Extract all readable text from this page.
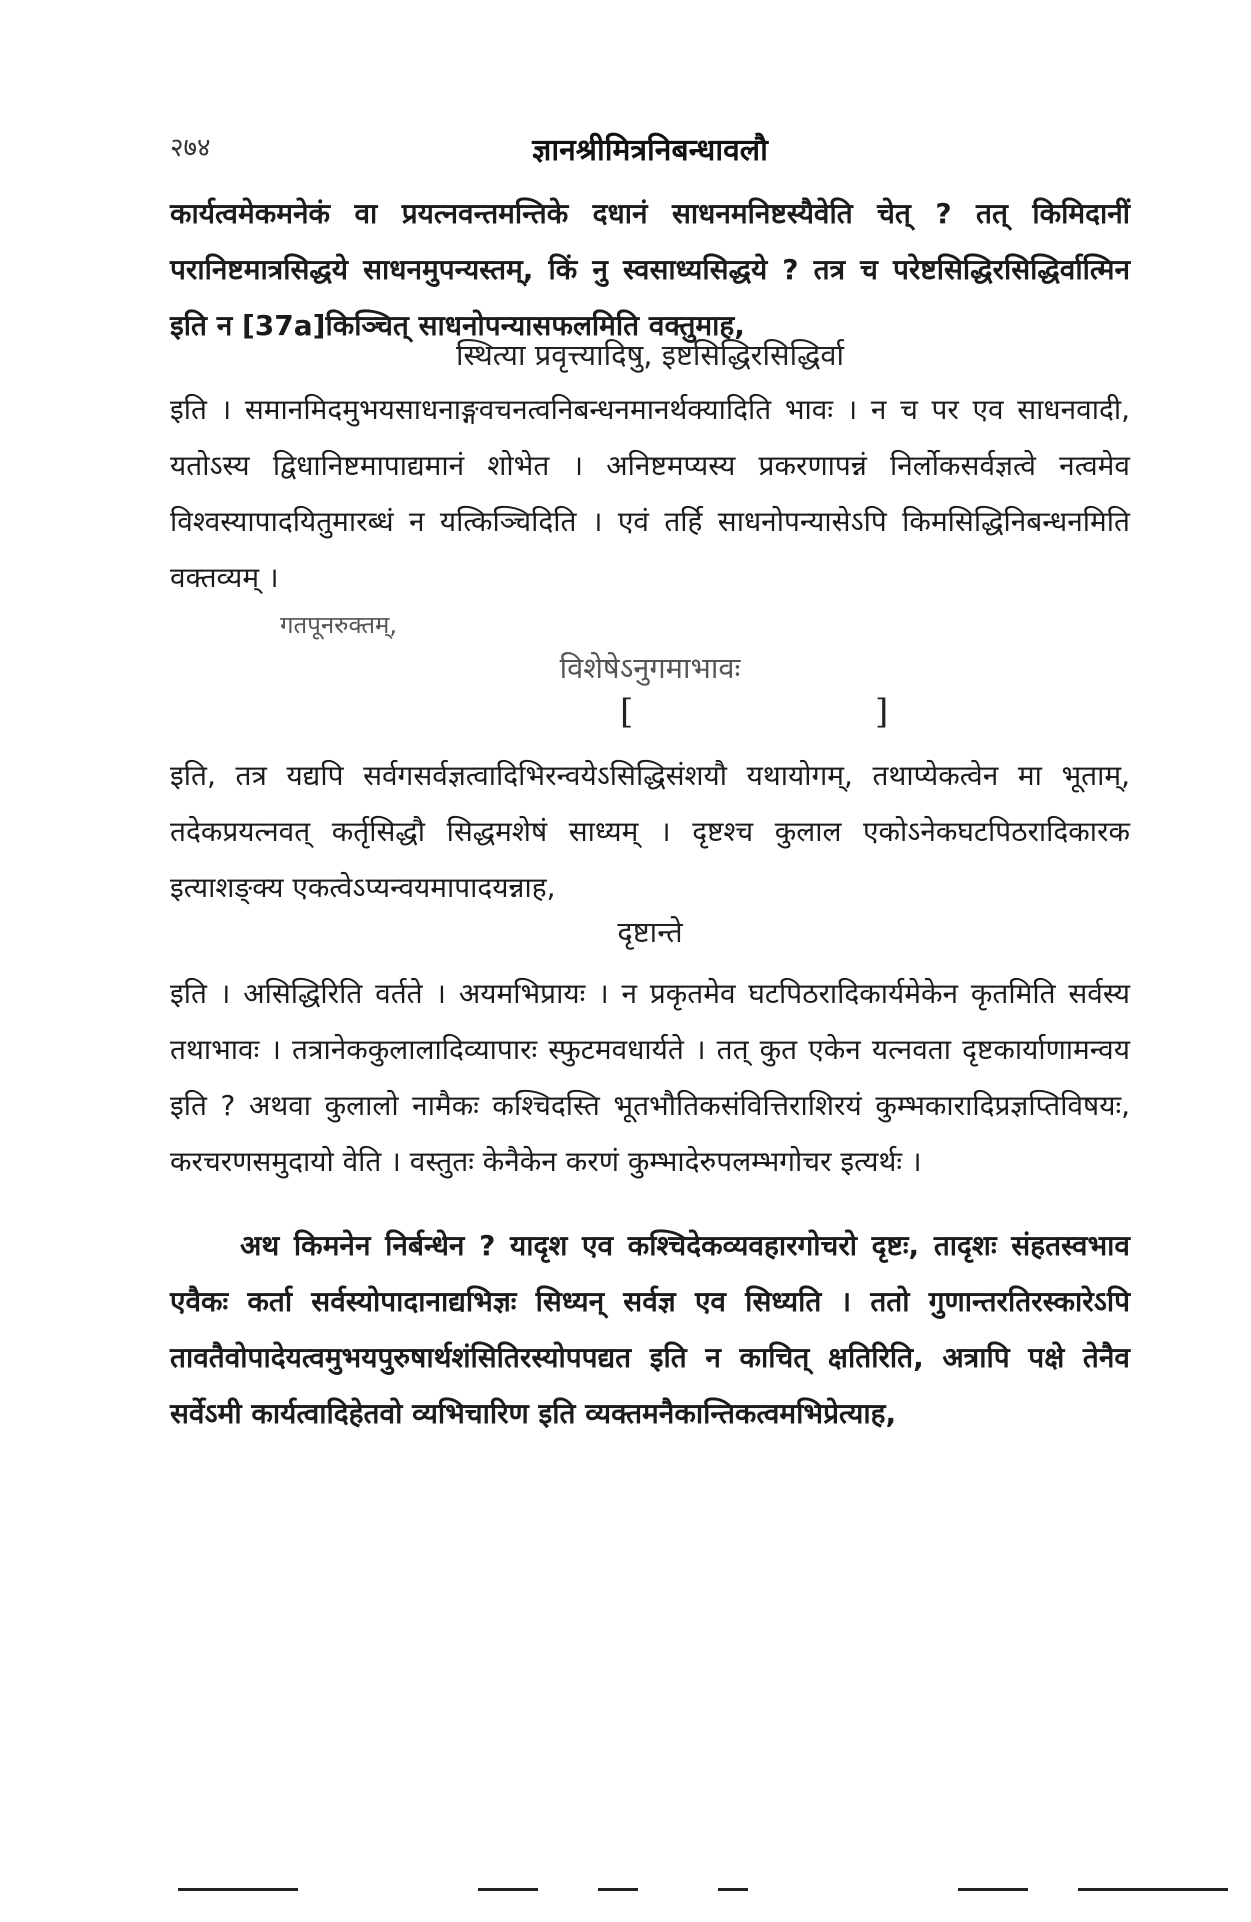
२७४	ज्ञानश्रीमित्रनिबन्धावलौ

कार्यत्वमेकमनेकं वा प्रयत्नवन्तमन्तिके दधानं साधनमनिष्टस्यैवेति चेत् ? तत् किमिदानीं परानिष्टमात्रसिद्धये साधनमुपन्यस्तम्, किं नु स्वसाध्यसिद्धये ? तत्र च परेष्टसिद्धिरसिद्धिर्वात्मिन इति न [37a]किञ्चित् साधनोपन्यासफलमिति वक्तुमाह,

स्थित्या प्रवृत्त्यादिषु, इष्टसिद्धिरसिद्धिर्वा

इति । समानमिदमुभयसाधनाङ्गवचनत्वनिबन्धनमानर्थक्यादिति भावः । न च पर एव साधनवादी, यतोऽस्य द्विधानिष्टमापाद्यमानं शोभेत । अनिष्टमप्यस्य प्रकरणापन्नं निर्लोकसर्वज्ञत्वे नत्वमेव विश्वस्यापादयितुमारब्धं न यत्किञ्चिदिति । एवं तर्हि साधनोपन्यासेऽपि किमसिद्धिनिबन्धनमिति वक्तव्यम् ।

गतपूनरुक्तम्,
विशेषेऽनुगमाभावः
[	]

इति, तत्र यद्यपि सर्वगसर्वज्ञत्वादिभिरन्वयेऽसिद्धिसंशयौ यथायोगम्, तथाप्येकत्वेन मा भूताम्, तदेकप्रयत्नवत् कर्तृसिद्धौ सिद्धमशेषं साध्यम् । दृष्टश्च कुलाल एकोऽनेकघटपिठरादिकारक इत्याशङ्क्य एकत्वेऽप्यन्वयमापादयन्नाह,

दृष्टान्ते

इति । असिद्धिरिति वर्तते । अयमभिप्रायः । न प्रकृतमेव घटपिठरादिकार्यमेकेन कृतमिति सर्वस्य तथाभावः । तत्रानेककुलालादिव्यापारः स्फुटमवधार्यते । तत् कुत एकेन यत्नवता दृष्टकार्याणामन्वय इति ? अथवा कुलालो नामैकः कश्चिदस्ति भूतभौतिकसंवित्तिराशिरयं कुम्भकारादिप्रज्ञप्तिविषयः, करचरणसमुदायो वेति । वस्तुतः केनैकेन करणं कुम्भादेरुपलम्भगोचर इत्यर्थः ।

अथ किमनेन निर्बन्धेन ? यादृश एव कश्चिदेकव्यवहारगोचरो दृष्टः, तादृशः संहतस्वभाव एवैकः कर्ता सर्वस्योपादानाद्यभिज्ञः सिध्यन् सर्वज्ञ एव सिध्यति । ततो गुणान्तरतिरस्कारेऽपि तावतैवोपादेयत्वमुभयपुरुषार्थशंसितिरस्योपपद्यत इति न काचित् क्षतिरिति, अत्रापि पक्षे तेनैव सर्वेऽमी कार्यत्वादिहेतवो व्यभिचारिण इति व्यक्तमनैकान्तिकत्वमभिप्रेत्याह,
